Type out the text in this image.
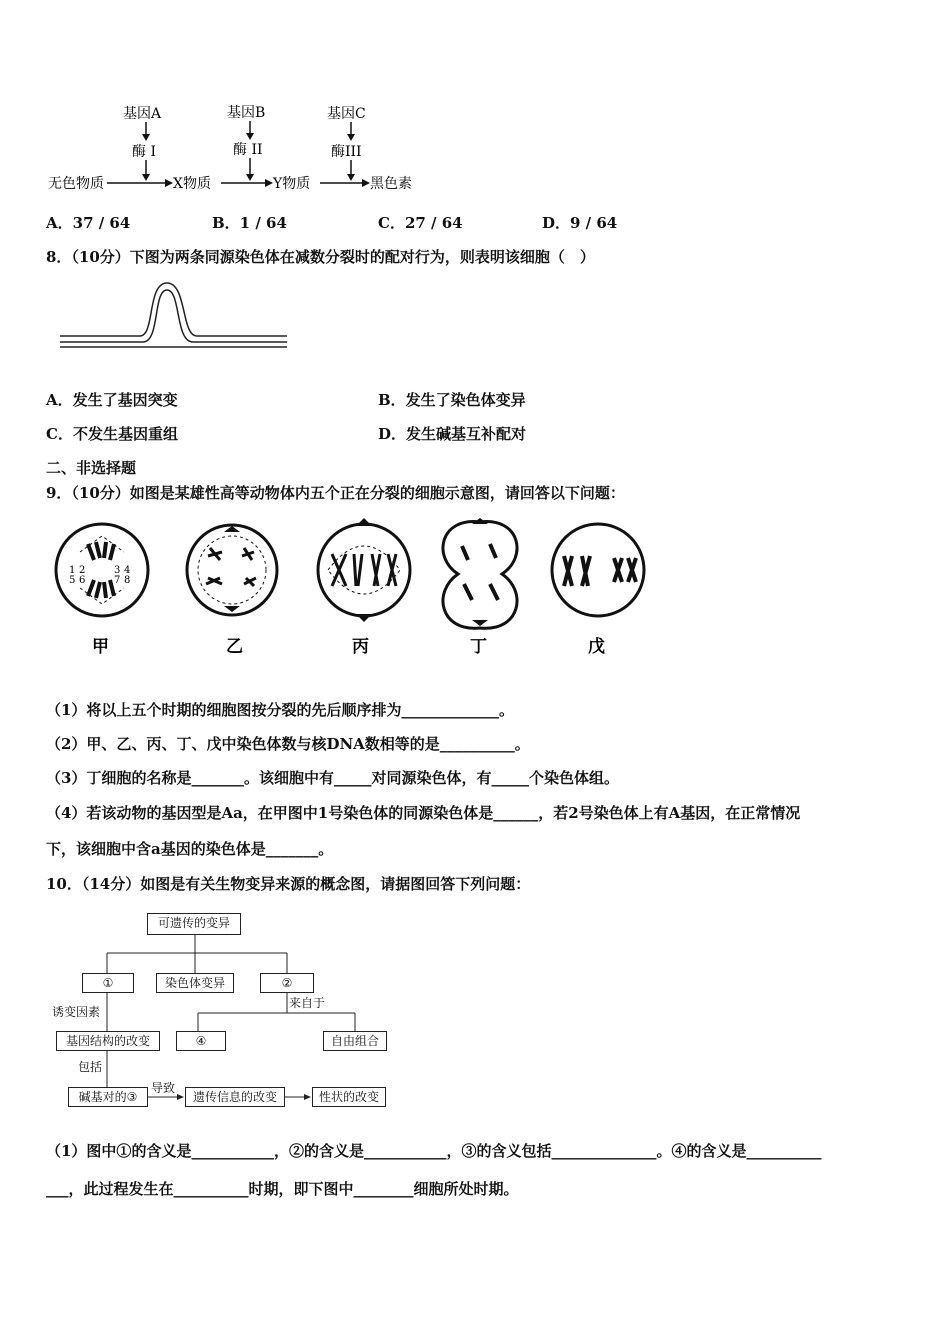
基因A	基因B	基因C
酶 I	酶 II	酶III
无色物质	X物质	Y物质	黑色素
A．37 / 64	B．1 / 64	C．27 / 64	D．9 / 64
8．（10分）下图为两条同源染色体在减数分裂时的配对行为，则表明该细胞（　）
A．发生了基因突变	B．发生了染色体变异
C．不发生基因重组	D．发生碱基互补配对
二、非选择题
9．（10分）如图是某雄性高等动物体内五个正在分裂的细胞示意图，请回答以下问题：
1
5
2
6
3
7
4
8
甲	乙	丙	丁	戊
（1）将以上五个时期的细胞图按分裂的先后顺序排为_____________。
（2）甲、乙、丙、丁、戊中染色体数与核DNA数相等的是__________。
（3）丁细胞的名称是_______。该细胞中有_____对同源染色体，有_____个染色体组。
（4）若该动物的基因型是Aa，在甲图中1号染色体的同源染色体是______，若2号染色体上有A基因，在正常情况
下，该细胞中含a基因的染色体是_______。
10．（14分）如图是有关生物变异来源的概念图，请据图回答下列问题：
可遗传的变异
①	染色体变异	②
诱变因素
来自于
基因结构的改变	④	自由组合
包括
碱基对的③
导致
遗传信息的改变	性状的改变
（1）图中①的含义是___________，②的含义是___________，③的含义包括______________。④的含义是__________
___，此过程发生在__________时期，即下图中________细胞所处时期。
